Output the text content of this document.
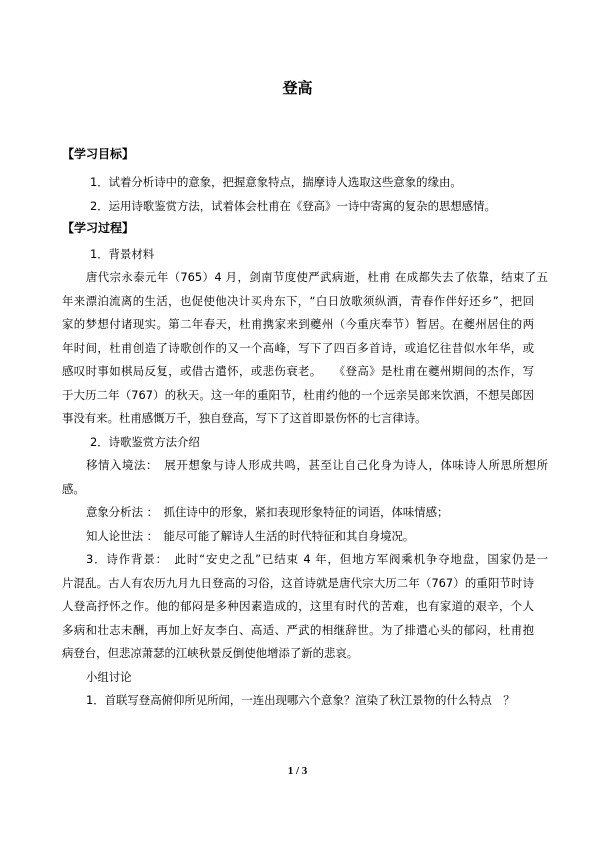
登高
【学习目标】
1．试着分析诗中的意象，把握意象特点，揣摩诗人选取这些意象的缘由。
2．运用诗歌鉴赏方法，试着体会杜甫在《登高》一诗中寄寓的复杂的思想感情。
【学习过程】
1．背景材料
唐代宗永泰元年（765）4 月，剑南节度使严武病逝，杜甫 在成都失去了依靠，结束了五
年来漂泊流离的生活，也促使他决计买舟东下，“白日放歌须纵酒，青春作伴好还乡”，把回
家的梦想付诸现实。第二年春天，杜甫携家来到夔州（今重庆奉节）暂居。在夔州居住的两
年时间，杜甫创造了诗歌创作的又一个高峰，写下了四百多首诗，或追忆往昔似水年华，或
感叹时事如棋局反复，或借古遣怀，或悲伤衰老。　　《登高》是杜甫在夔州期间的杰作，写
于大历二年（767）的秋天。这一年的重阳节，杜甫约他的一个远亲吴郎来饮酒，不想吴郎因
事没有来。杜甫感慨万千，独自登高，写下了这首即景伤怀的七言律诗。
2．诗歌鉴赏方法介绍
移情入境法：　展开想象与诗人形成共鸣，甚至让自己化身为诗人，体味诗人所思所想所
感。
意象分析法 ：　抓住诗中的形象，紧扣表现形象特征的词语，体味情感；
知人论世法 ：　能尽可能了解诗人生活的时代特征和其自身境况。
3．诗作背景：　此时“安史之乱”已结束 4 年，但地方军阀乘机争夺地盘，国家仍是一
片混乱。古人有农历九月九日登高的习俗，这首诗就是唐代宗大历二年（767）的重阳节时诗
人登高抒怀之作。他的郁闷是多种因素造成的，这里有时代的苦难，也有家道的艰辛，个人
多病和壮志未酬，再加上好友李白、高适、严武的相继辞世。为了排遣心头的郁闷，杜甫抱
病登台，但悲凉萧瑟的江峡秋景反倒使他增添了新的悲哀。
小组讨论
1．首联写登高俯仰所见所闻，一连出现哪六个意象？渲染了秋江景物的什么特点　？
1 / 3
